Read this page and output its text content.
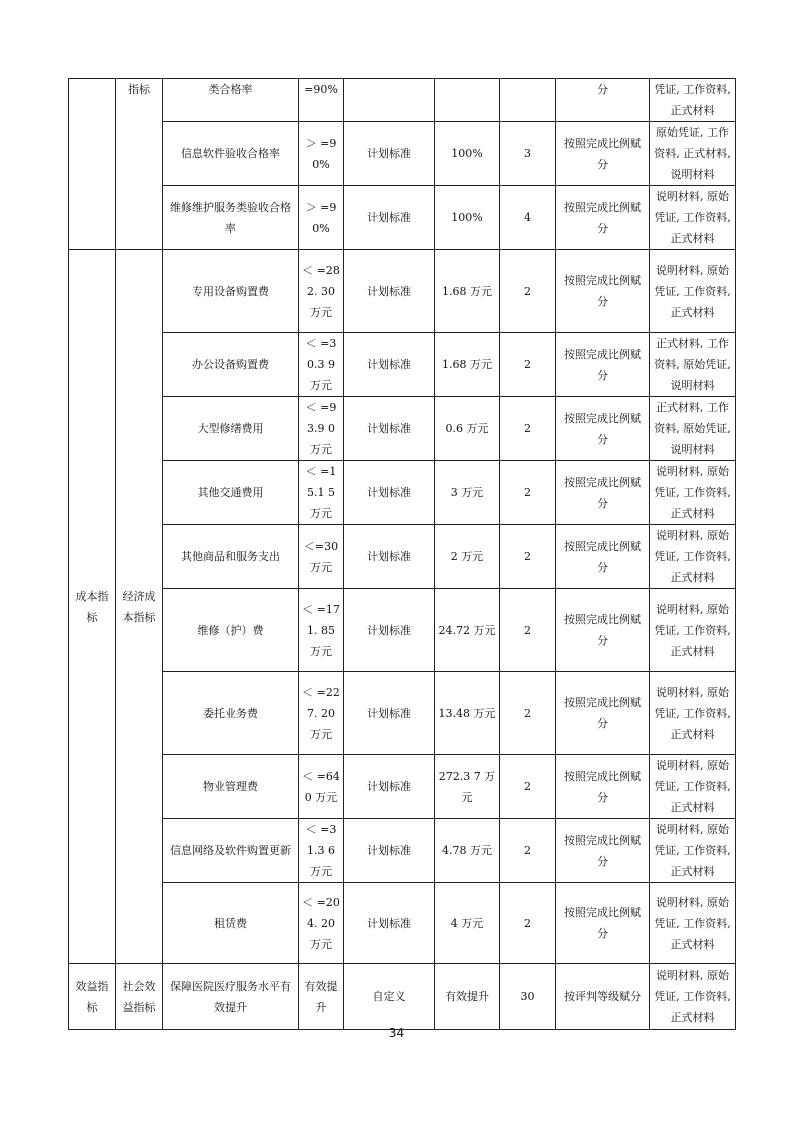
	指标	类合格率	=90%				分	凭证, 工作资料, 正式材料
		信息软件验收合格率	＞ =90%	计划标准	100%	3	按照完成比例赋分	原始凭证, 工作资料, 正式材料, 说明材料
		维修维护服务类验收合格率	＞ =90%	计划标准	100%	4	按照完成比例赋分	说明材料, 原始凭证, 工作资料, 正式材料
成本指标	经济成本指标	专用设备购置费	＜ =282. 30 万元	计划标准	1.68 万元	2	按照完成比例赋分	说明材料, 原始凭证, 工作资料, 正式材料
		办公设备购置费	＜ =30.3 9 万元	计划标准	1.68 万元	2	按照完成比例赋分	正式材料, 工作资料, 原始凭证, 说明材料
		大型修缮费用	＜ =93.9 0 万元	计划标准	0.6 万元	2	按照完成比例赋分	正式材料, 工作资料, 原始凭证, 说明材料
		其他交通费用	＜ =15.1 5 万元	计划标准	3 万元	2	按照完成比例赋分	说明材料, 原始凭证, 工作资料, 正式材料
		其他商品和服务支出	＜=30 万元	计划标准	2 万元	2	按照完成比例赋分	说明材料, 原始凭证, 工作资料, 正式材料
		维修（护）费	＜ =171. 85 万元	计划标准	24.72 万元	2	按照完成比例赋分	说明材料, 原始凭证, 工作资料, 正式材料
		委托业务费	＜ =227. 20 万元	计划标准	13.48 万元	2	按照完成比例赋分	说明材料, 原始凭证, 工作资料, 正式材料
		物业管理费	＜ =640 万元	计划标准	272.3 7 万元	2	按照完成比例赋分	说明材料, 原始凭证, 工作资料, 正式材料
		信息网络及软件购置更新	＜ =31.3 6 万元	计划标准	4.78 万元	2	按照完成比例赋分	说明材料, 原始凭证, 工作资料, 正式材料
		租赁费	＜ =204. 20 万元	计划标准	4 万元	2	按照完成比例赋分	说明材料, 原始凭证, 工作资料, 正式材料
效益指标	社会效益指标	保障医院医疗服务水平有效提升	有效提升	自定义	有效提升	30	按评判等级赋分	说明材料, 原始凭证, 工作资料, 正式材料
34
